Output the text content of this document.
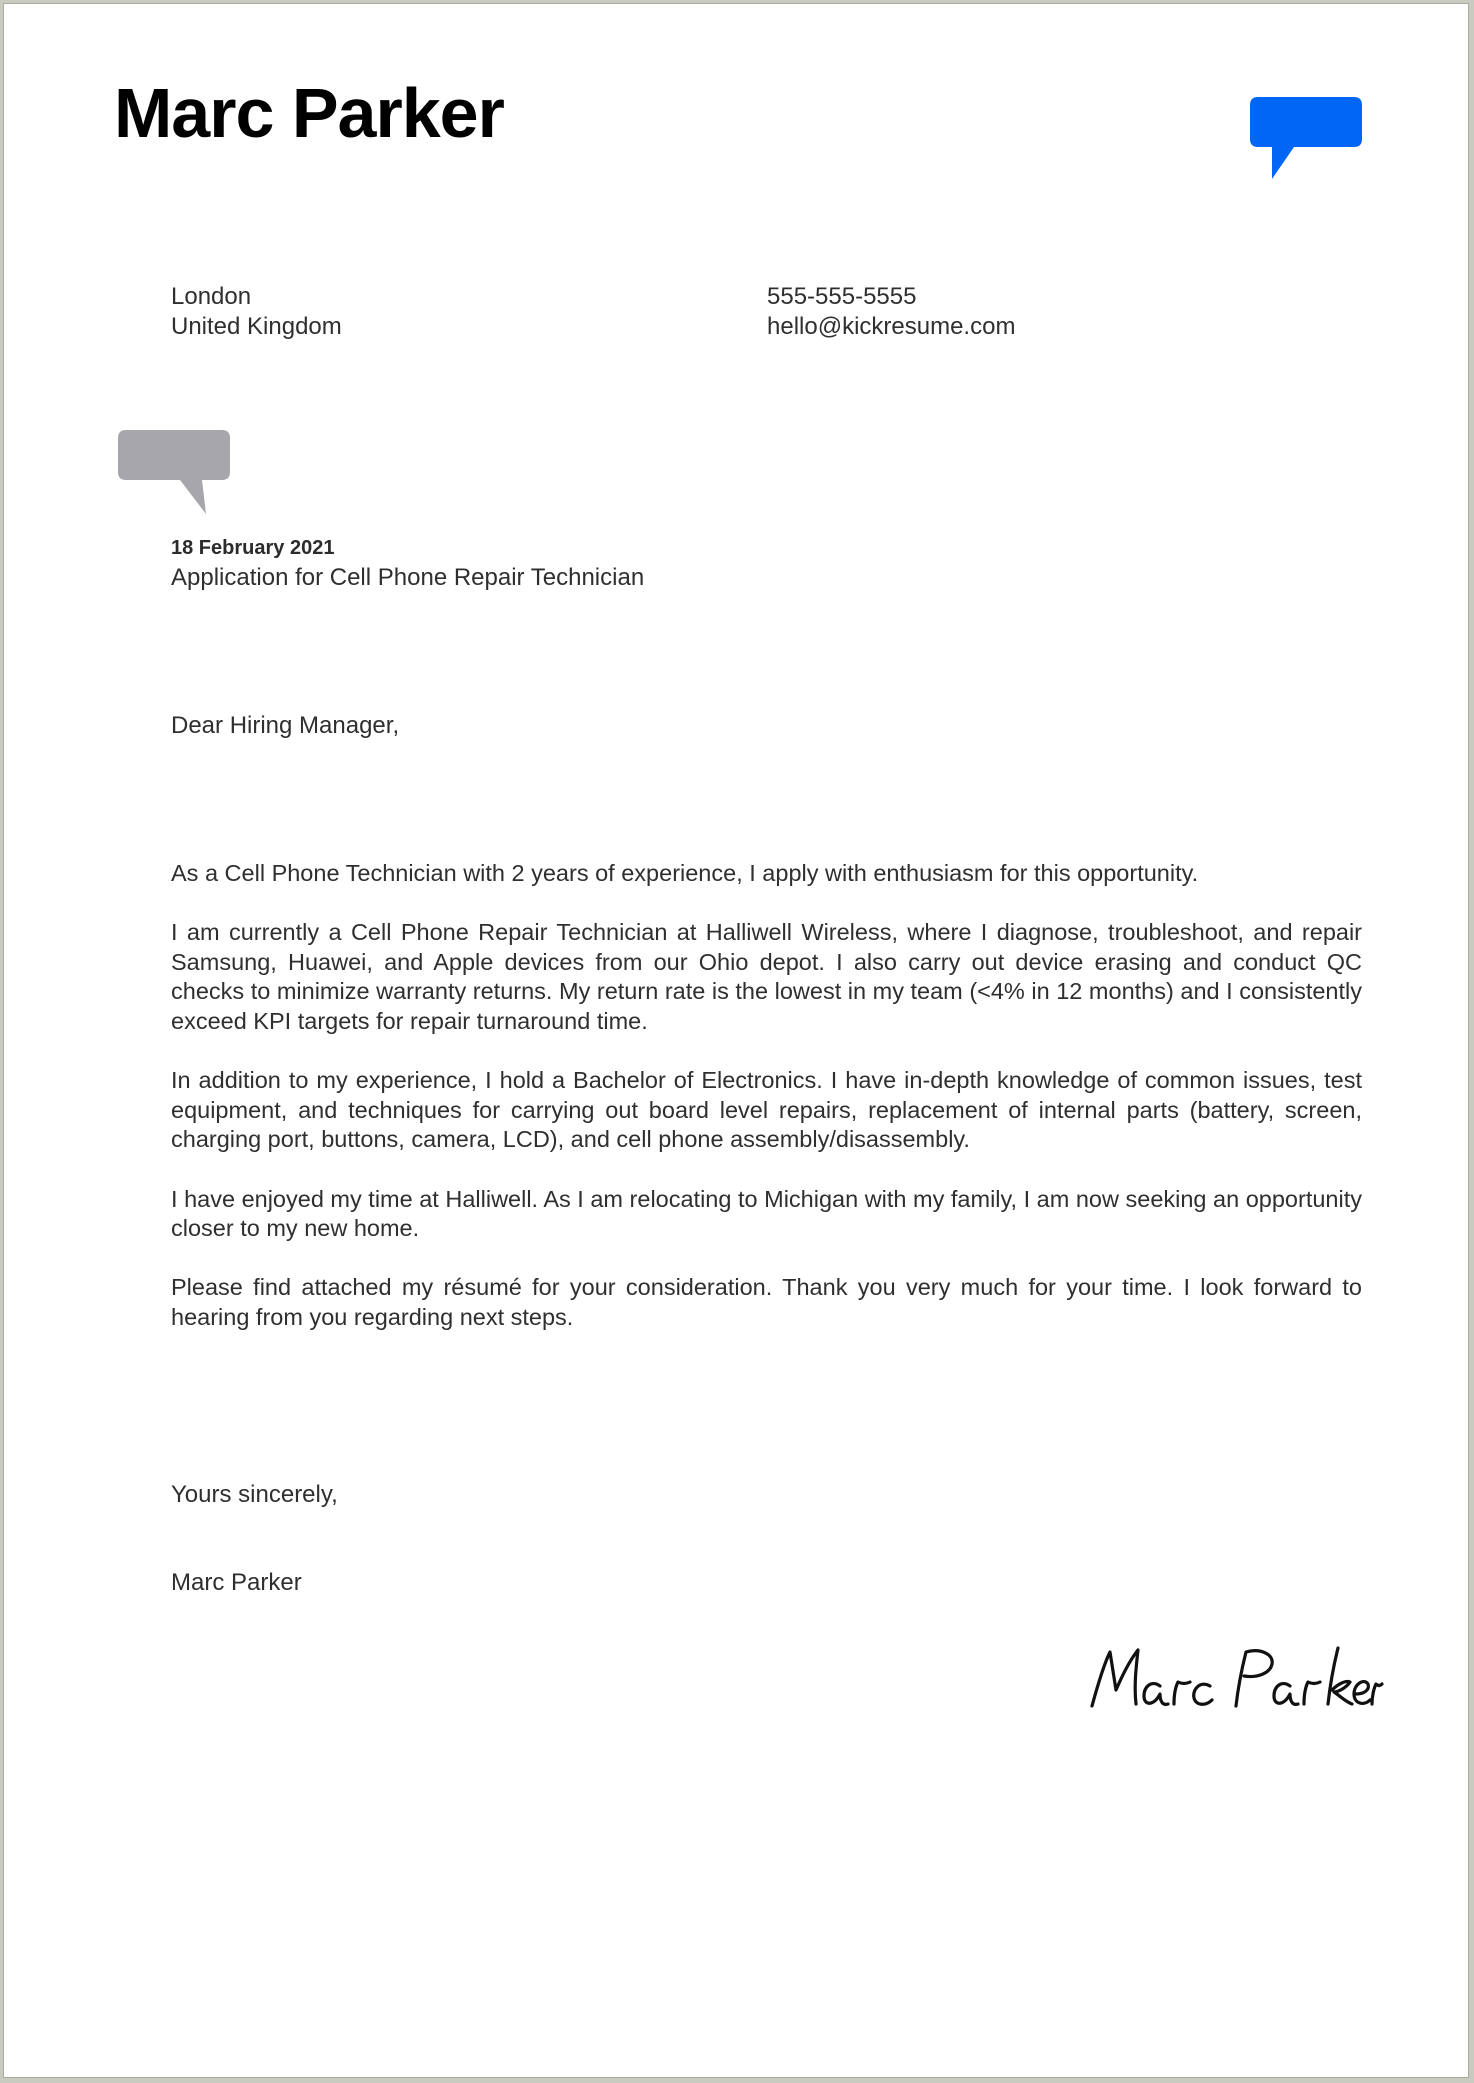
Marc Parker
London
United Kingdom
555-555-5555
hello@kickresume.com
18 February 2021
Application for Cell Phone Repair Technician
Dear Hiring Manager,

As a Cell Phone Technician with 2 years of experience, I apply with enthusiasm for this opportunity.

I am currently a Cell Phone Repair Technician at Halliwell Wireless, where I diagnose, troubleshoot, and repair Samsung, Huawei, and Apple devices from our Ohio depot. I also carry out device erasing and conduct QC checks to minimize warranty returns. My return rate is the lowest in my team (<4% in 12 months) and I consistently exceed KPI targets for repair turnaround time.

In addition to my experience, I hold a Bachelor of Electronics. I have in-depth knowledge of common issues, test equipment, and techniques for carrying out board level repairs, replacement of internal parts (battery, screen, charging port, buttons, camera, LCD), and cell phone assembly/disassembly.

I have enjoyed my time at Halliwell. As I am relocating to Michigan with my family, I am now seeking an opportunity closer to my new home.

Please find attached my résumé for your consideration. Thank you very much for your time. I look forward to hearing from you regarding next steps.

Yours sincerely,
Marc Parker
